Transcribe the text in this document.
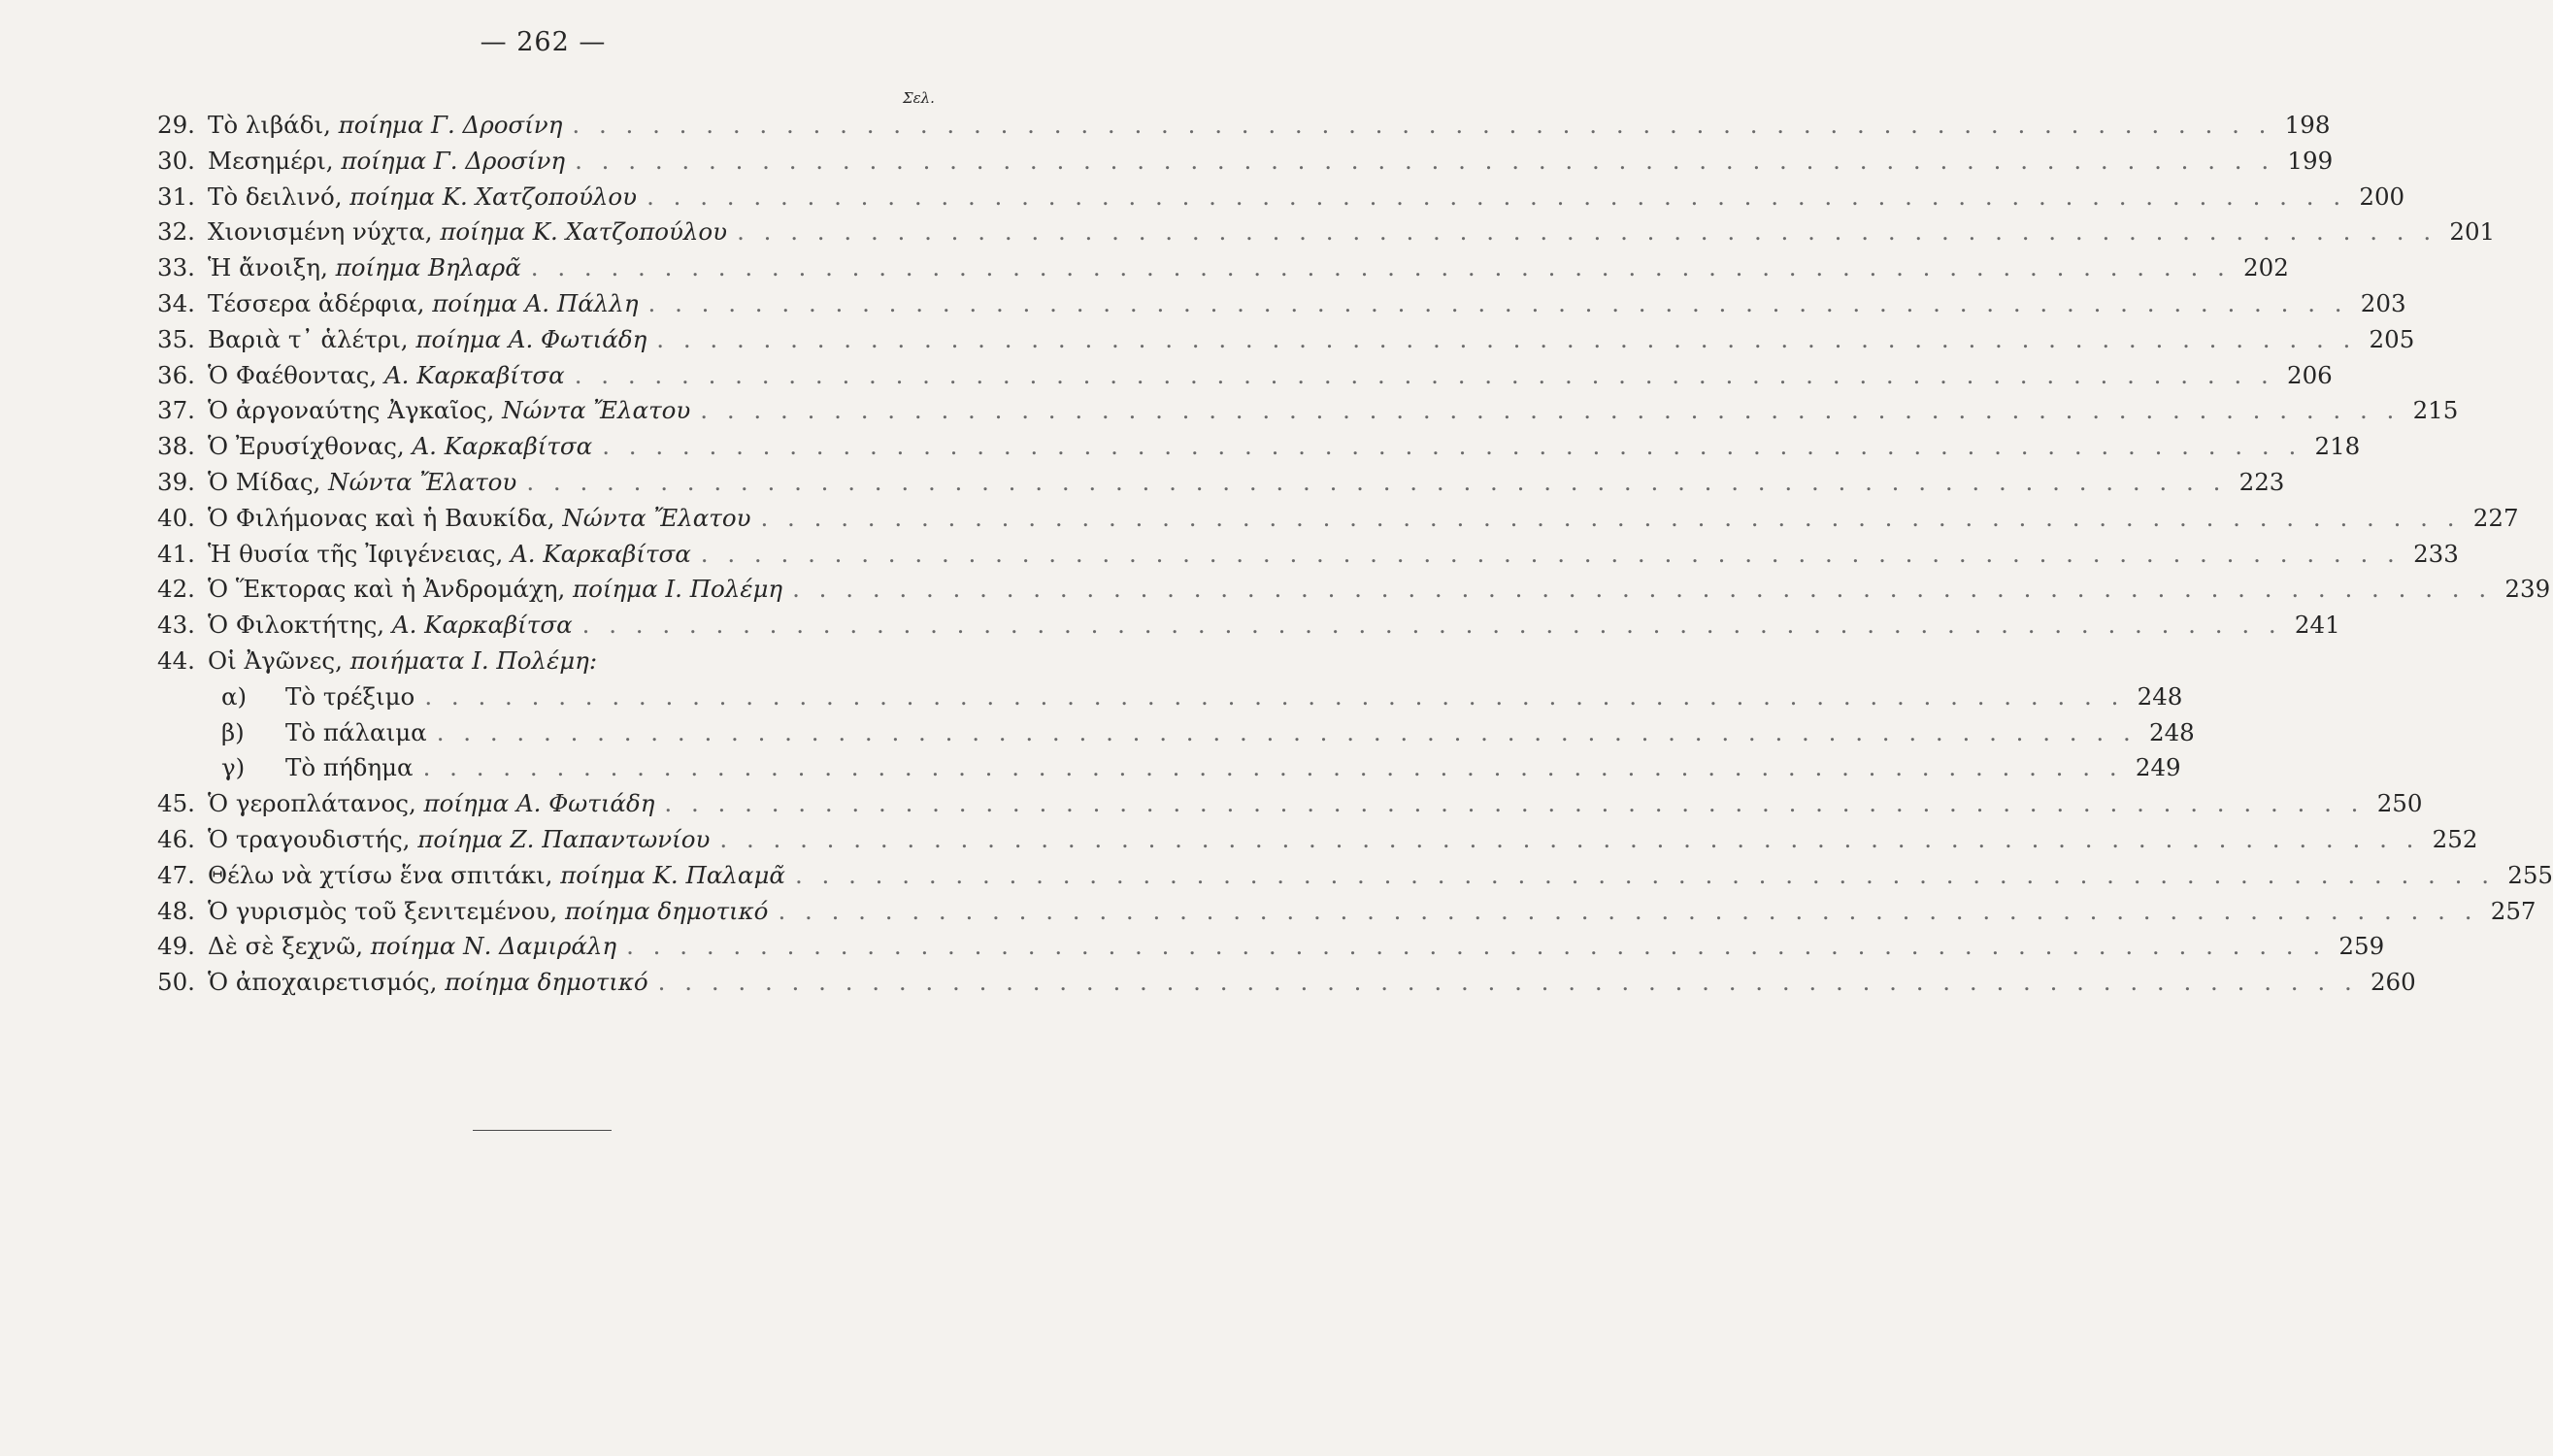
— 262 —
Σελ.
29. Τὸ λιβάδι, ποίημα Γ. Δροσίνη . . .	198
30. Μεσημέρι, ποίημα Γ. Δροσίνη . . .	199
31. Τὸ δειλινό, ποίημα Κ. Χατζοπούλου . . .	200
32. Χιονισμένη νύχτα, ποίημα Κ. Χατζοπούλου . . .	201
33. Ἡ ἄνοιξη, ποίημα Βηλαρᾶ . . .	202
34. Τέσσερα ἀδέρφια, ποίημα Α. Πάλλη . . .	203
35. Βαριὰ τ᾿ ἁλέτρι, ποίημα Α. Φωτιάδη . . .	205
36. Ὁ Φαέθοντας, Α. Καρκαβίτσα . . .	206
37. Ὁ ἀργοναύτης Ἀγκαῖος, Νώντα Ἔλατου . . .	215
38. Ὁ Ἐρυσίχθονας, Α. Καρκαβίτσα . . .	218
39. Ὁ Μίδας, Νώντα Ἔλατου . . .	223
40. Ὁ Φιλήμονας καὶ ἡ Βαυκίδα, Νώντα Ἔλατου . . .	227
41. Ἡ θυσία τῆς Ἰφιγένειας, Α. Καρκαβίτσα . . .	233
42. Ὁ Ἕκτορας καὶ ἡ Ἀνδρομάχη, ποίημα Ι. Πολέμη . . .	239
43. Ὁ Φιλοκτήτης, Α. Καρκαβίτσα . . .	241
44. Οἱ Ἀγῶνες, ποιήματα Ι. Πολέμη:
α)	Τὸ τρέξιμο . . .	248
β)	Τὸ πάλαιμα . . .	248
γ)	Τὸ πήδημα . . .	249
45. Ὁ γεροπλάτανος, ποίημα Α. Φωτιάδη . . .	250
46. Ὁ τραγουδιστής, ποίημα Ζ. Παπαντωνίου . . .	252
47. Θέλω νὰ χτίσω ἕνα σπιτάκι, ποίημα Κ. Παλαμᾶ . . .	255
48. Ὁ γυρισμὸς τοῦ ξενιτεμένου, ποίημα δημοτικό . . .	257
49. Δὲ σὲ ξεχνῶ, ποίημα Ν. Δαμιράλη . . .	259
50. Ὁ ἀποχαιρετισμός, ποίημα δημοτικό . . .	260
